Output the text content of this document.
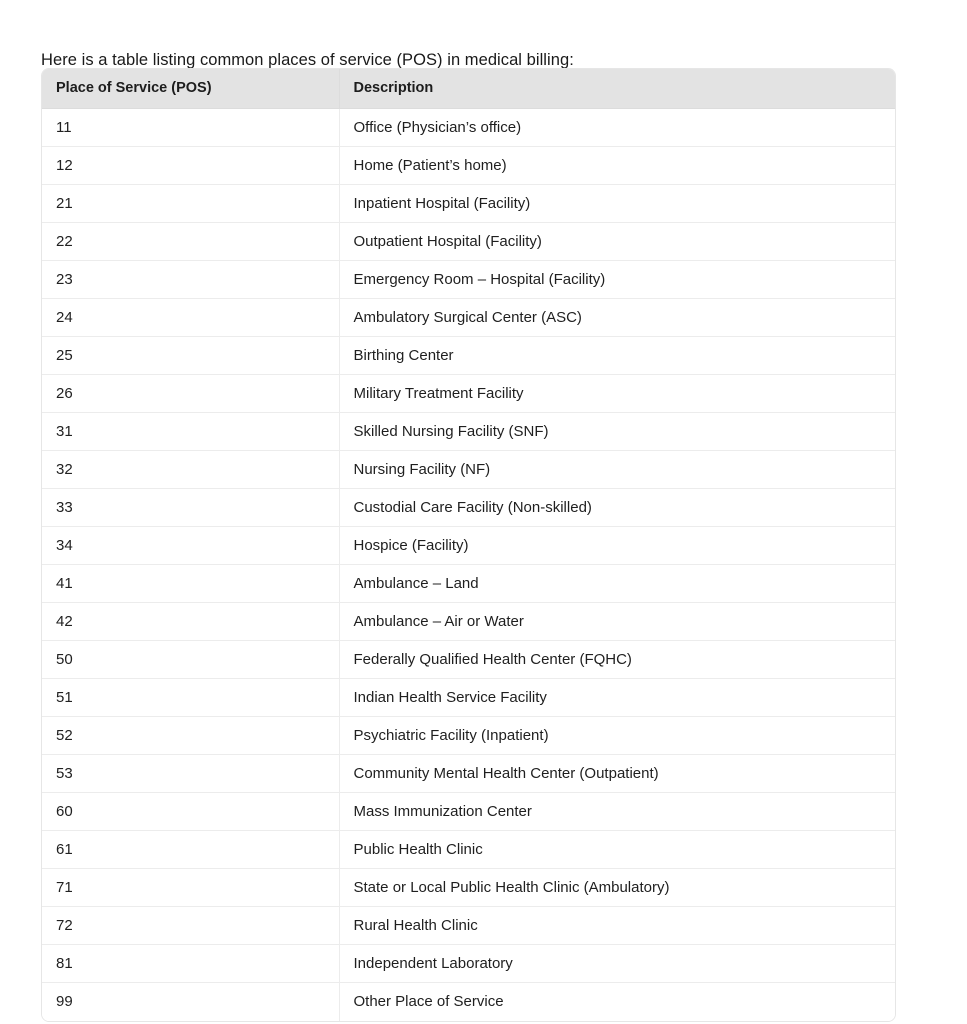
Here is a table listing common places of service (POS) in medical billing:

Place of Service (POS)	Description
11	Office (Physician’s office)
12	Home (Patient’s home)
21	Inpatient Hospital (Facility)
22	Outpatient Hospital (Facility)
23	Emergency Room – Hospital (Facility)
24	Ambulatory Surgical Center (ASC)
25	Birthing Center
26	Military Treatment Facility
31	Skilled Nursing Facility (SNF)
32	Nursing Facility (NF)
33	Custodial Care Facility (Non-skilled)
34	Hospice (Facility)
41	Ambulance – Land
42	Ambulance – Air or Water
50	Federally Qualified Health Center (FQHC)
51	Indian Health Service Facility
52	Psychiatric Facility (Inpatient)
53	Community Mental Health Center (Outpatient)
60	Mass Immunization Center
61	Public Health Clinic
71	State or Local Public Health Clinic (Ambulatory)
72	Rural Health Clinic
81	Independent Laboratory
99	Other Place of Service
